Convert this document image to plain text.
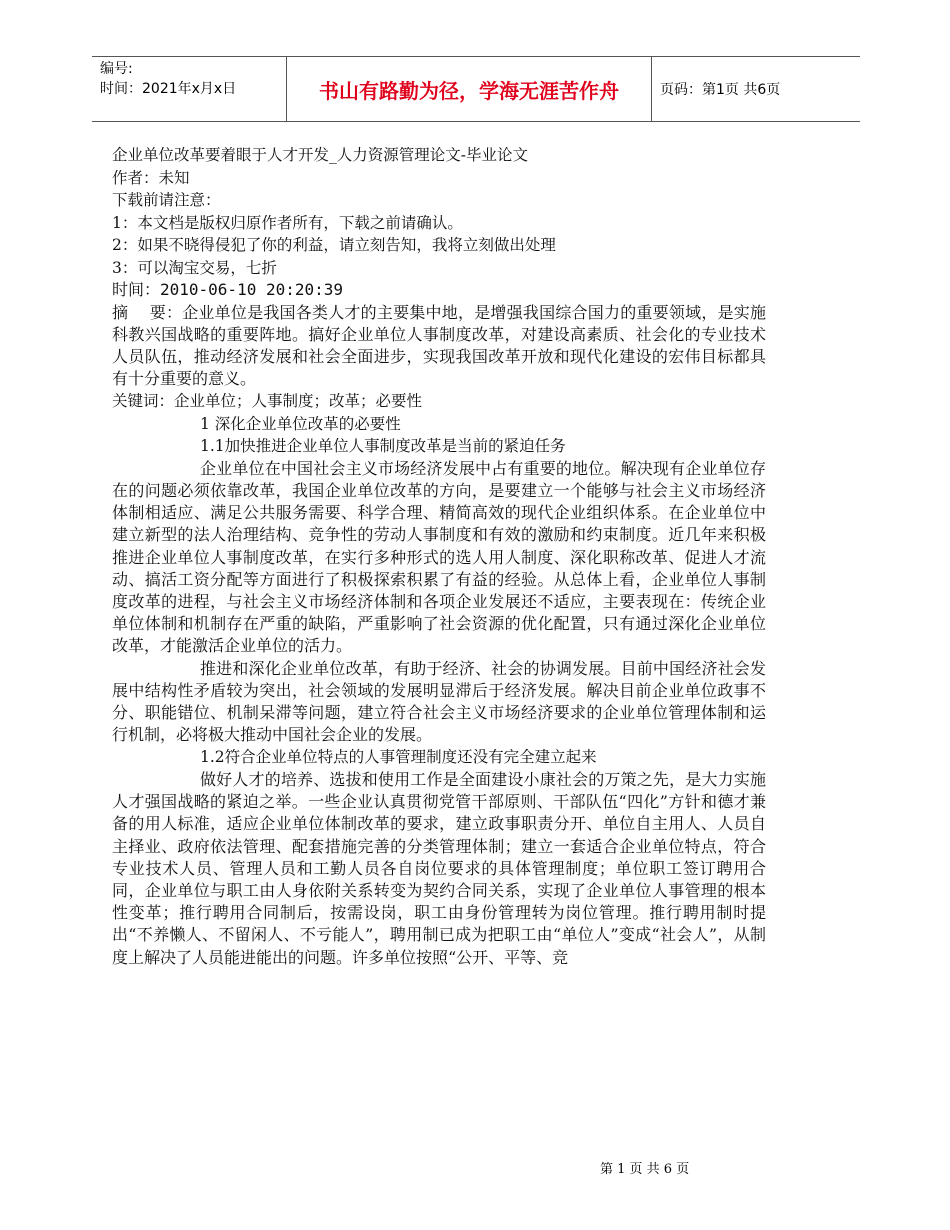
编号:
时间：2021年x月x日	书山有路勤为径，学海无涯苦作舟	页码：第1页 共6页
企业单位改革要着眼于人才开发_人力资源管理论文-毕业论文
作者：未知
下载前请注意：
1：本文档是版权归原作者所有，下载之前请确认。
2：如果不晓得侵犯了你的利益，请立刻告知，我将立刻做出处理
3：可以淘宝交易，七折
时间：2010-06-10 20:20:39

摘　 要：企业单位是我国各类人才的主要集中地，是增强我国综合国力的重要领域，是实施科教兴国战略的重要阵地。搞好企业单位人事制度改革，对建设高素质、社会化的专业技术人员队伍，推动经济发展和社会全面进步，实现我国改革开放和现代化建设的宏伟目标都具有十分重要的意义。

关键词：企业单位；人事制度；改革；必要性
1 深化企业单位改革的必要性
1.1加快推进企业单位人事制度改革是当前的紧迫任务

企业单位在中国社会主义市场经济发展中占有重要的地位。解决现有企业单位存在的问题必须依靠改革，我国企业单位改革的方向，是要建立一个能够与社会主义市场经济体制相适应、满足公共服务需要、科学合理、精简高效的现代企业组织体系。在企业单位中建立新型的法人治理结构、竞争性的劳动人事制度和有效的激励和约束制度。近几年来积极推进企业单位人事制度改革，在实行多种形式的选人用人制度、深化职称改革、促进人才流动、搞活工资分配等方面进行了积极探索积累了有益的经验。从总体上看，企业单位人事制度改革的进程，与社会主义市场经济体制和各项企业发展还不适应，主要表现在：传统企业单位体制和机制存在严重的缺陷，严重影响了社会资源的优化配置，只有通过深化企业单位改革，才能激活企业单位的活力。

推进和深化企业单位改革，有助于经济、社会的协调发展。目前中国经济社会发展中结构性矛盾较为突出，社会领域的发展明显滞后于经济发展。解决目前企业单位政事不分、职能错位、机制呆滞等问题，建立符合社会主义市场经济要求的企业单位管理体制和运行机制，必将极大推动中国社会企业的发展。

1.2符合企业单位特点的人事管理制度还没有完全建立起来

做好人才的培养、选拔和使用工作是全面建设小康社会的万策之先，是大力实施人才强国战略的紧迫之举。一些企业认真贯彻党管干部原则、干部队伍“四化”方针和德才兼备的用人标准，适应企业单位体制改革的要求，建立政事职责分开、单位自主用人、人员自主择业、政府依法管理、配套措施完善的分类管理体制；建立一套适合企业单位特点，符合专业技术人员、管理人员和工勤人员各自岗位要求的具体管理制度；单位职工签订聘用合同，企业单位与职工由人身依附关系转变为契约合同关系，实现了企业单位人事管理的根本性变革；推行聘用合同制后，按需设岗，职工由身份管理转为岗位管理。推行聘用制时提出“不养懒人、不留闲人、不亏能人”，聘用制已成为把职工由“单位人”变成“社会人”，从制度上解决了人员能进能出的问题。许多单位按照“公开、平等、竞

第 1 页 共 6 页
